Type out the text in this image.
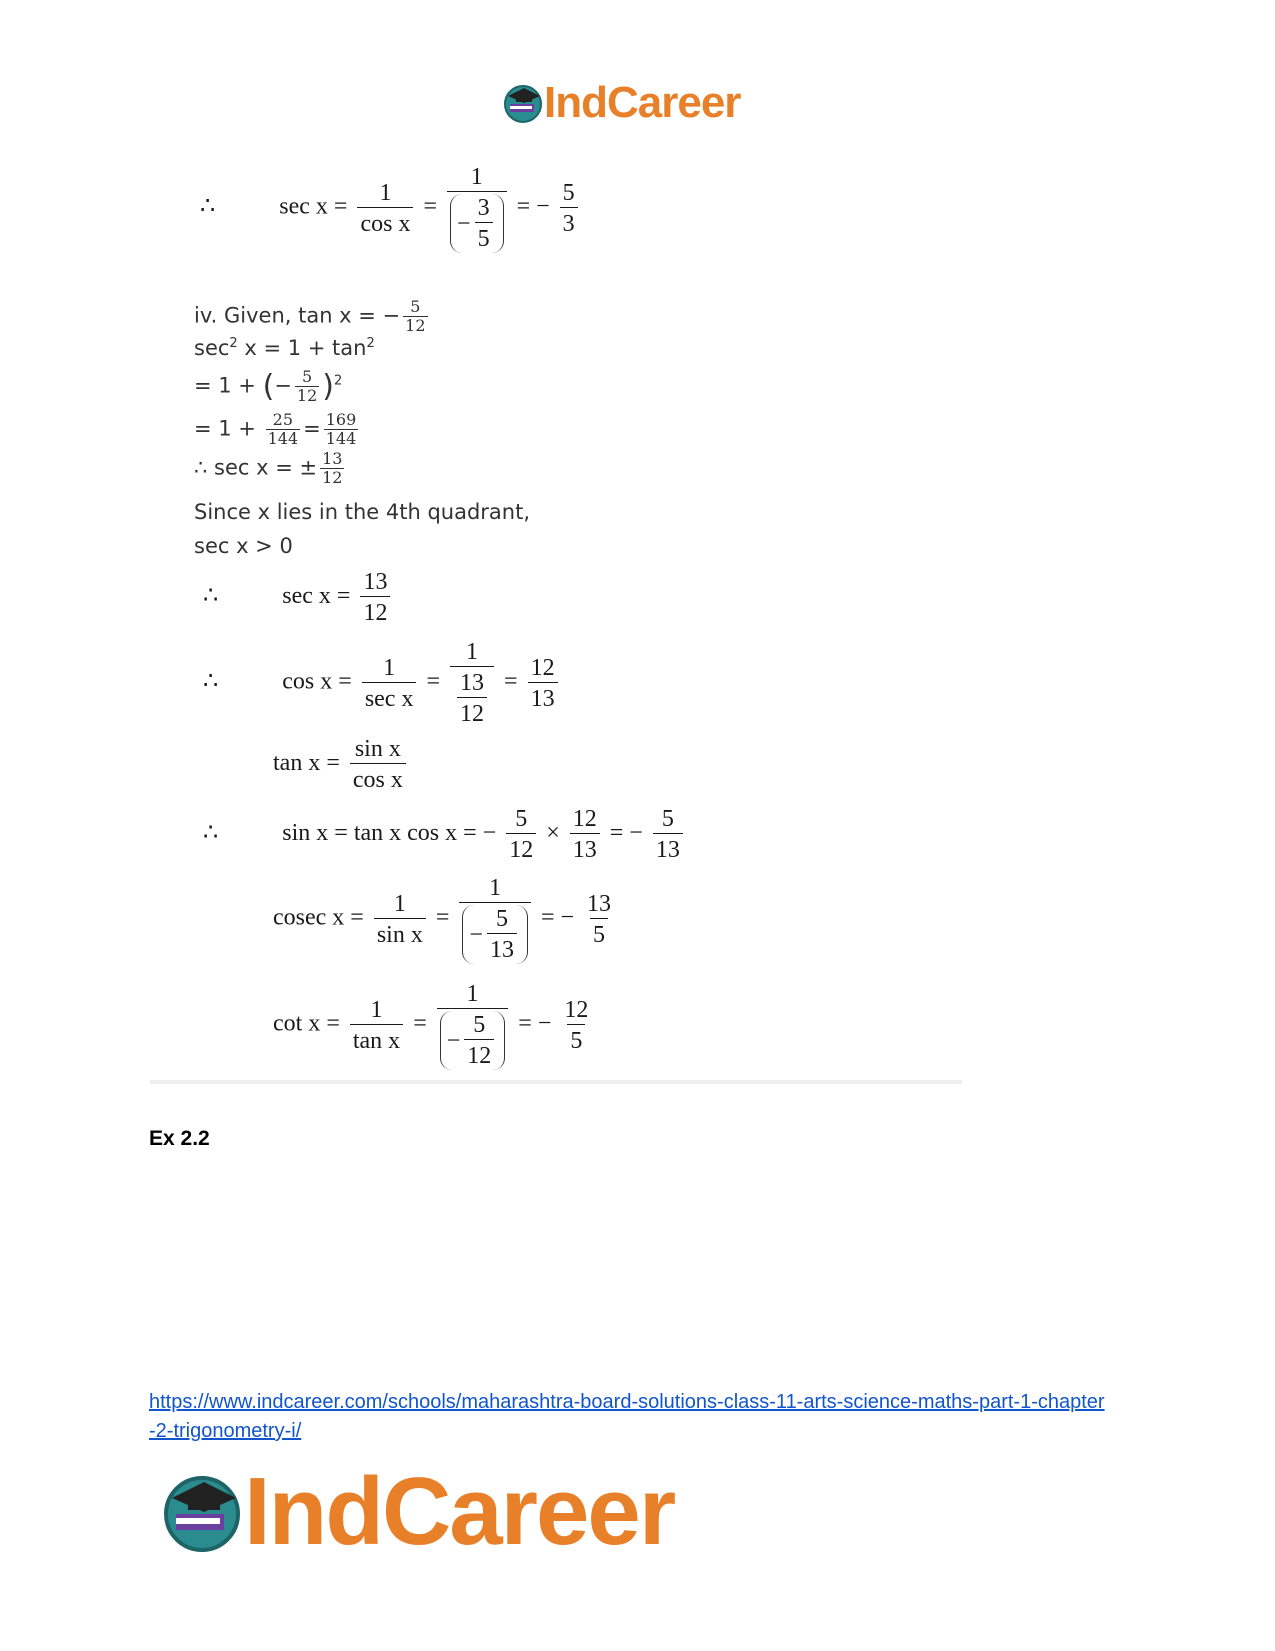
IndCareer
∴	$\sec x = \frac{1}{\text{cos x}} = \frac{1}{- \frac{3}{5}}$ = − $\frac{5}{3}$
iv. Given, tan x = − $\frac{5}{12}$
$\sec^2 x = 1 + \tan^2$
= 1 + (− $\frac{5}{12} )^2$
= $1 + \frac{25}{144} = \frac{169}{144}$
∴ sec x = ± $\frac{13}{12}$
Since x lies in the 4th quadrant,
sec x > 0
∴	$\sec x = \frac{13}{12}$
∴	$\cos x = \frac{1}{\text{sec x}} = \frac{1}{\frac{13}{12}} = \frac{12}{13}$
$\tan x = \frac{\text{sin x}}{\text{cos x}}$
∴	sin x = tan x cos x = − $\frac{5}{12} \times \frac{12}{13}$ = − $\frac{5}{13}$
cosec $x = \frac{1}{\text{sin x}} = \frac{1}{- \frac{5}{13}}$ = − $\frac{13}{5}$
$\cot x = \frac{1}{\text{tan x}} = \frac{1}{- \frac{5}{12}}$ = − $\frac{12}{5}$
Ex 2.2
https://www.indcareer.com/schools/maharashtra-board-solutions-class-11-arts-science-maths-part-1-chapter-2-trigonometry-i/
IndCareer
